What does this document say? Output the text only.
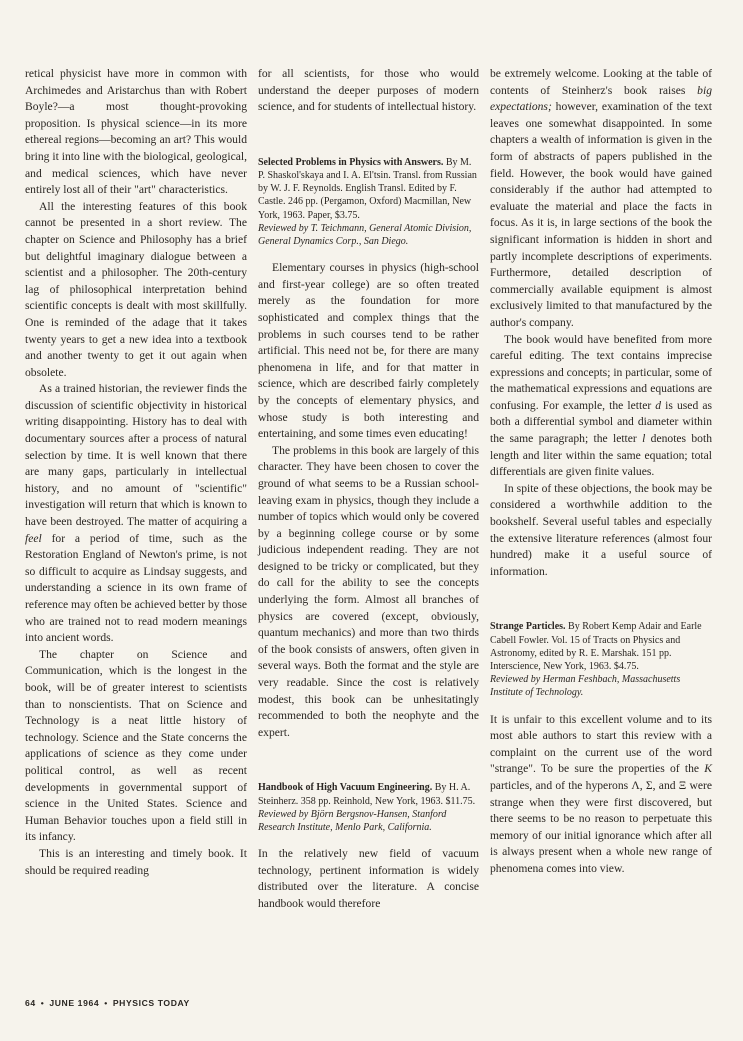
retical physicist have more in common with Archimedes and Aristarchus than with Robert Boyle?—a most thought-provoking proposition. Is physical science—in its more ethereal regions—becoming an art? This would bring it into line with the biological, geological, and medical sciences, which have never entirely lost all of their "art" characteristics.

All the interesting features of this book cannot be presented in a short review. The chapter on Science and Philosophy has a brief but delightful imaginary dialogue between a scientist and a philosopher. The 20th-century lag of philosophical interpretation behind scientific concepts is dealt with most skillfully. One is reminded of the adage that it takes twenty years to get a new idea into a textbook and another twenty to get it out again when obsolete.

As a trained historian, the reviewer finds the discussion of scientific objectivity in historical writing disappointing. History has to deal with documentary sources after a process of natural selection by time. It is well known that there are many gaps, particularly in intellectual history, and no amount of "scientific" investigation will return that which is known to have been destroyed. The matter of acquiring a feel for a period of time, such as the Restoration England of Newton's prime, is not so difficult to acquire as Lindsay suggests, and understanding a science in its own frame of reference may often be achieved better by those who are trained not to read modern meanings into ancient words.

The chapter on Science and Communication, which is the longest in the book, will be of greater interest to scientists than to nonscientists. That on Science and Technology is a neat little history of technology. Science and the State concerns the applications of science as they come under political control, as well as recent developments in governmental support of science in the United States. Science and Human Behavior touches upon a field still in its infancy.

This is an interesting and timely book. It should be required reading

for all scientists, for those who would understand the deeper purposes of modern science, and for students of intellectual history.

Selected Problems in Physics with Answers. By M. P. Shaskol'skaya and I. A. El'tsin. Transl. from Russian by W. J. F. Reynolds. English Transl. Edited by F. Castle. 246 pp. (Pergamon, Oxford) Macmillan, New York, 1963. Paper, $3.75.
Reviewed by T. Teichmann, General Atomic Division, General Dynamics Corp., San Diego.

Elementary courses in physics (high-school and first-year college) are so often treated merely as the foundation for more sophisticated and complex things that the problems in such courses tend to be rather artificial. This need not be, for there are many phenomena in life, and for that matter in science, which are described fairly completely by the concepts of elementary physics, and whose study is both interesting and entertaining, and some times even educating!

The problems in this book are largely of this character. They have been chosen to cover the ground of what seems to be a Russian school-leaving exam in physics, though they include a number of topics which would only be covered by a beginning college course or by some judicious independent reading. They are not designed to be tricky or complicated, but they do call for the ability to see the concepts underlying the form. Almost all branches of physics are covered (except, obviously, quantum mechanics) and more than two thirds of the book consists of answers, often given in several ways. Both the format and the style are very readable. Since the cost is relatively modest, this book can be unhesitatingly recommended to both the neophyte and the expert.

Handbook of High Vacuum Engineering. By H. A. Steinherz. 358 pp. Reinhold, New York, 1963. $11.75.
Reviewed by Björn Bergsnov-Hansen, Stanford Research Institute, Menlo Park, California.

In the relatively new field of vacuum technology, pertinent information is widely distributed over the literature. A concise handbook would therefore

be extremely welcome. Looking at the table of contents of Steinherz's book raises big expectations; however, examination of the text leaves one somewhat disappointed. In some chapters a wealth of information is given in the form of abstracts of papers published in the field. However, the book would have gained considerably if the author had attempted to evaluate the material and place the facts in focus. As it is, in large sections of the book the significant information is hidden in short and partly incomplete descriptions of experiments. Furthermore, detailed description of commercially available equipment is almost exclusively limited to that manufactured by the author's company.

The book would have benefited from more careful editing. The text contains imprecise expressions and concepts; in particular, some of the mathematical expressions and equations are confusing. For example, the letter d is used as both a differential symbol and diameter within the same paragraph; the letter l denotes both length and liter within the same equation; total differentials are given finite values.

In spite of these objections, the book may be considered a worthwhile addition to the bookshelf. Several useful tables and especially the extensive literature references (almost four hundred) make it a useful source of information.

Strange Particles. By Robert Kemp Adair and Earle Cabell Fowler. Vol. 15 of Tracts on Physics and Astronomy, edited by R. E. Marshak. 151 pp. Interscience, New York, 1963. $4.75.
Reviewed by Herman Feshbach, Massachusetts Institute of Technology.

It is unfair to this excellent volume and to its most able authors to start this review with a complaint on the current use of the word "strange". To be sure the properties of the K particles, and of the hyperons Λ, Σ, and Ξ were strange when they were first discovered, but there seems to be no reason to perpetuate this memory of our initial ignorance which after all is always present when a whole new range of phenomena comes into view.

64 • JUNE 1964 • PHYSICS TODAY
